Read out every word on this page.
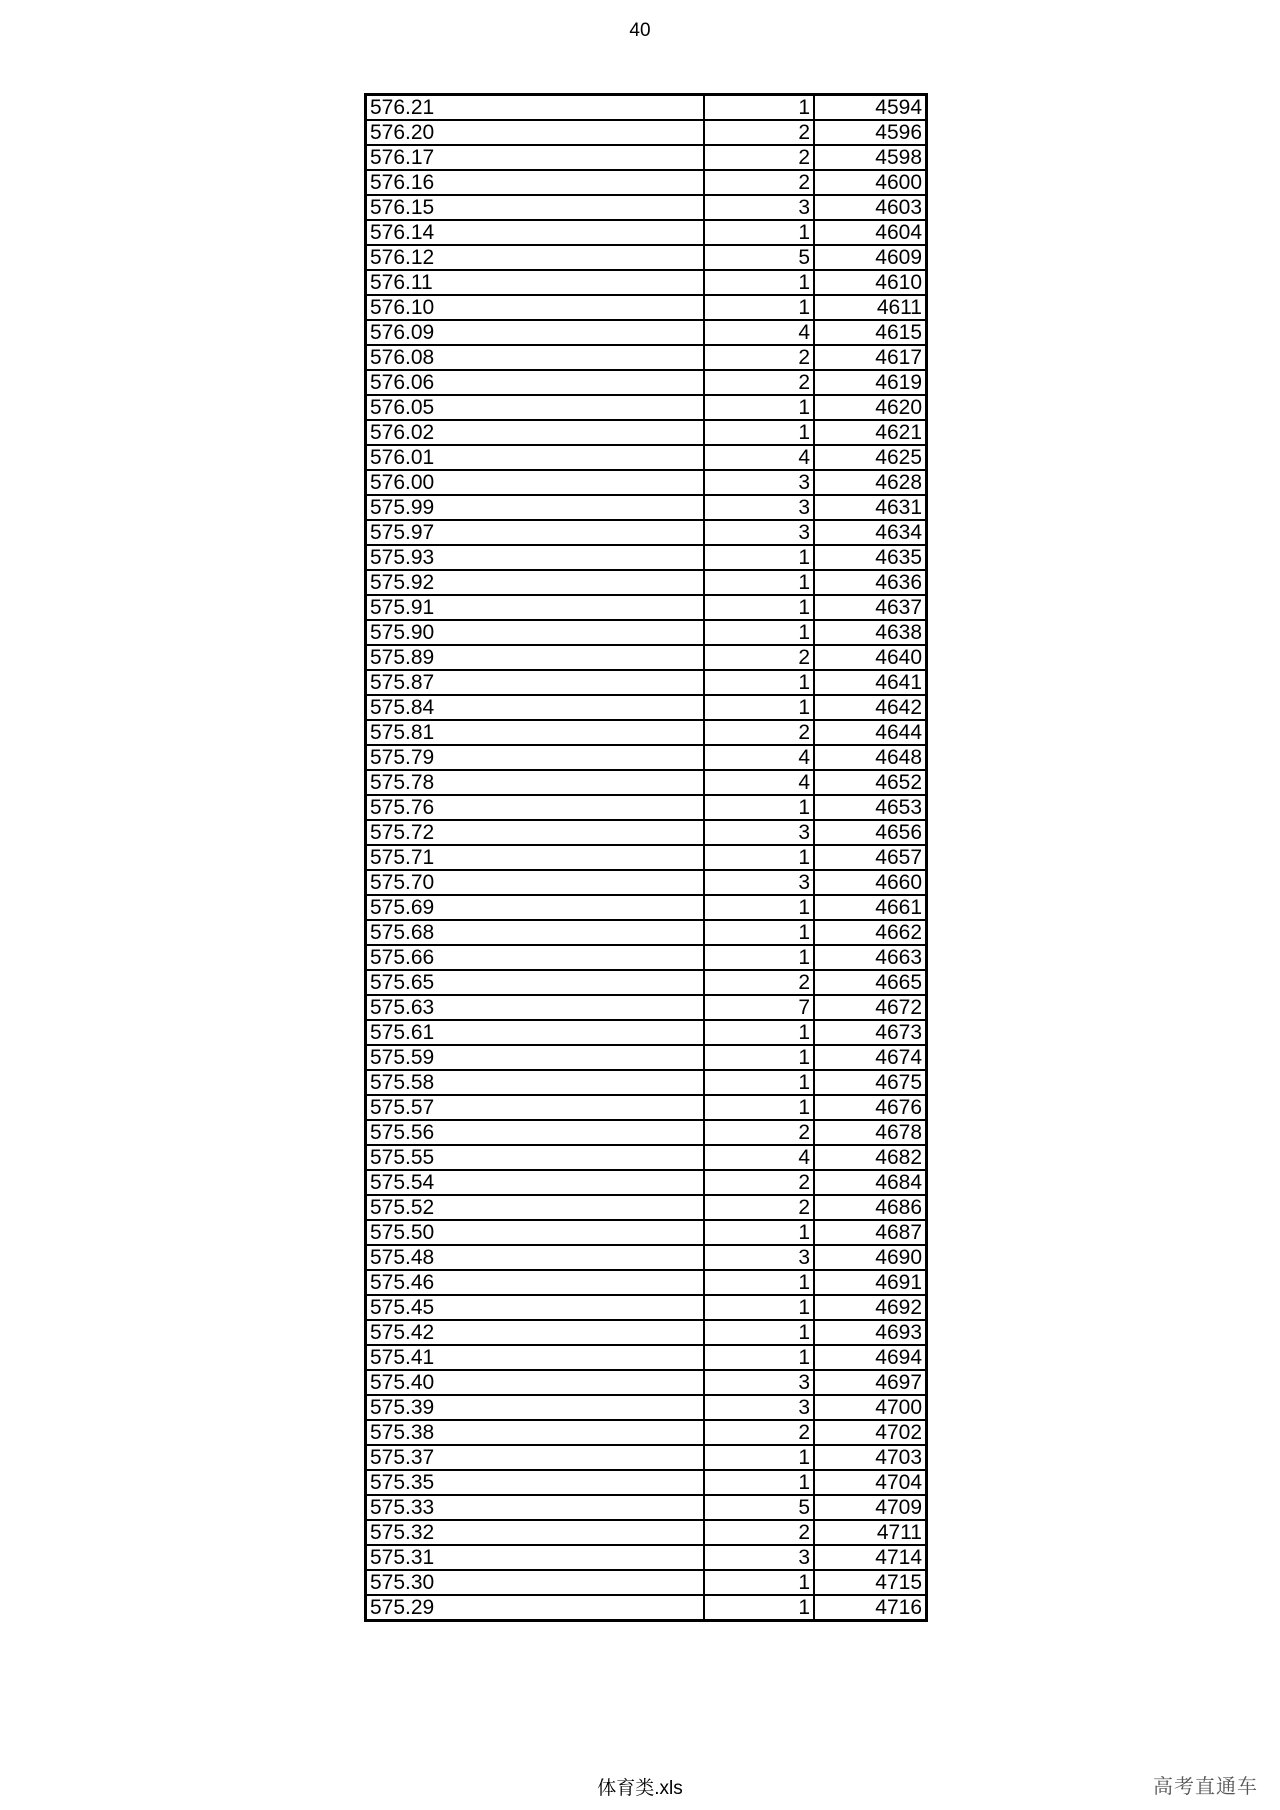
40
576.21	1	4594
576.20	2	4596
576.17	2	4598
576.16	2	4600
576.15	3	4603
576.14	1	4604
576.12	5	4609
576.11	1	4610
576.10	1	4611
576.09	4	4615
576.08	2	4617
576.06	2	4619
576.05	1	4620
576.02	1	4621
576.01	4	4625
576.00	3	4628
575.99	3	4631
575.97	3	4634
575.93	1	4635
575.92	1	4636
575.91	1	4637
575.90	1	4638
575.89	2	4640
575.87	1	4641
575.84	1	4642
575.81	2	4644
575.79	4	4648
575.78	4	4652
575.76	1	4653
575.72	3	4656
575.71	1	4657
575.70	3	4660
575.69	1	4661
575.68	1	4662
575.66	1	4663
575.65	2	4665
575.63	7	4672
575.61	1	4673
575.59	1	4674
575.58	1	4675
575.57	1	4676
575.56	2	4678
575.55	4	4682
575.54	2	4684
575.52	2	4686
575.50	1	4687
575.48	3	4690
575.46	1	4691
575.45	1	4692
575.42	1	4693
575.41	1	4694
575.40	3	4697
575.39	3	4700
575.38	2	4702
575.37	1	4703
575.35	1	4704
575.33	5	4709
575.32	2	4711
575.31	3	4714
575.30	1	4715
575.29	1	4716
体育类.xls	高考直通车
